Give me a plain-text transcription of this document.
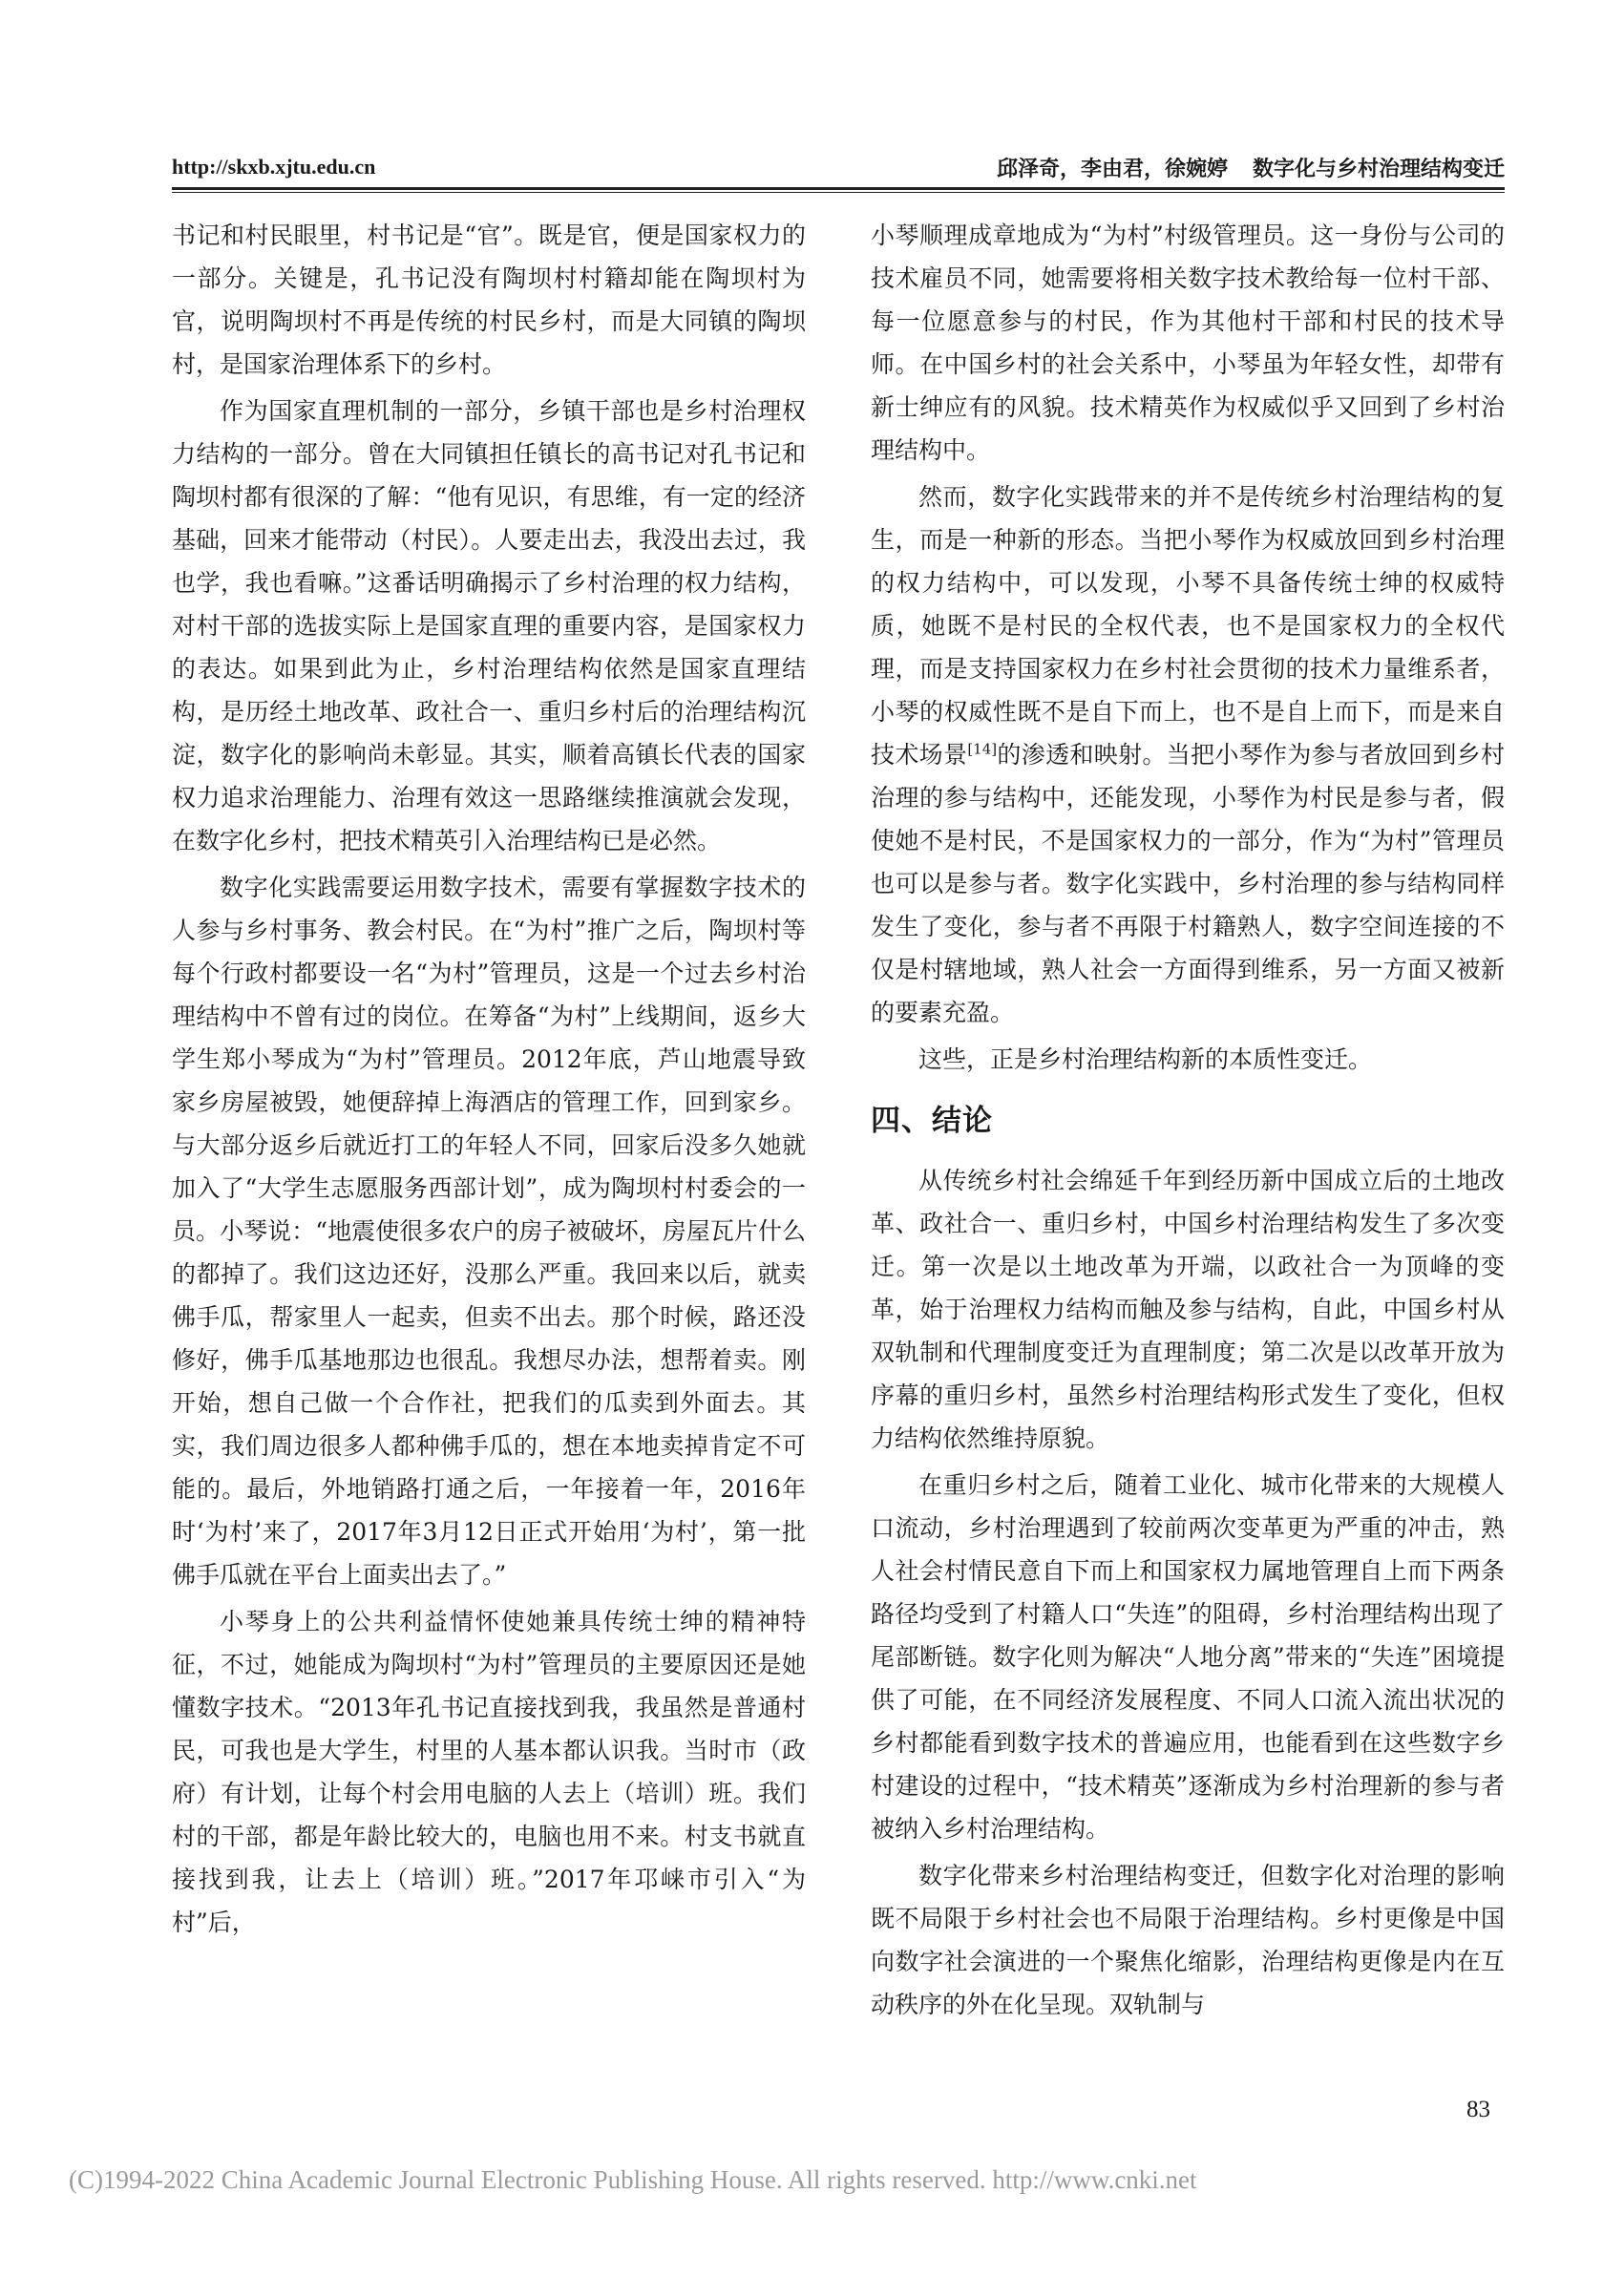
http://skxb.xjtu.edu.cn	邱泽奇，李由君，徐婉婷 数字化与乡村治理结构变迁

书记和村民眼里，村书记是“官”。既是官，便是国家权力的一部分。关键是，孔书记没有陶坝村村籍却能在陶坝村为官，说明陶坝村不再是传统的村民乡村，而是大同镇的陶坝村，是国家治理体系下的乡村。

作为国家直理机制的一部分，乡镇干部也是乡村治理权力结构的一部分。曾在大同镇担任镇长的高书记对孔书记和陶坝村都有很深的了解：“他有见识，有思维，有一定的经济基础，回来才能带动（村民）。人要走出去，我没出去过，我也学，我也看嘛。”这番话明确揭示了乡村治理的权力结构，对村干部的选拔实际上是国家直理的重要内容，是国家权力的表达。如果到此为止，乡村治理结构依然是国家直理结构，是历经土地改革、政社合一、重归乡村后的治理结构沉淀，数字化的影响尚未彰显。其实，顺着高镇长代表的国家权力追求治理能力、治理有效这一思路继续推演就会发现，在数字化乡村，把技术精英引入治理结构已是必然。

数字化实践需要运用数字技术，需要有掌握数字技术的人参与乡村事务、教会村民。在“为村”推广之后，陶坝村等每个行政村都要设一名“为村”管理员，这是一个过去乡村治理结构中不曾有过的岗位。在筹备“为村”上线期间，返乡大学生郑小琴成为“为村”管理员。2012年底，芦山地震导致家乡房屋被毁，她便辞掉上海酒店的管理工作，回到家乡。与大部分返乡后就近打工的年轻人不同，回家后没多久她就加入了“大学生志愿服务西部计划”，成为陶坝村村委会的一员。小琴说：“地震使很多农户的房子被破坏，房屋瓦片什么的都掉了。我们这边还好，没那么严重。我回来以后，就卖佛手瓜，帮家里人一起卖，但卖不出去。那个时候，路还没修好，佛手瓜基地那边也很乱。我想尽办法，想帮着卖。刚开始，想自己做一个合作社，把我们的瓜卖到外面去。其实，我们周边很多人都种佛手瓜的，想在本地卖掉肯定不可能的。最后，外地销路打通之后，一年接着一年，2016年时‘为村’来了，2017年3月12日正式开始用‘为村’，第一批佛手瓜就在平台上面卖出去了。”

小琴身上的公共利益情怀使她兼具传统士绅的精神特征，不过，她能成为陶坝村“为村”管理员的主要原因还是她懂数字技术。“2013年孔书记直接找到我，我虽然是普通村民，可我也是大学生，村里的人基本都认识我。当时市（政府）有计划，让每个村会用电脑的人去上（培训）班。我们村的干部，都是年龄比较大的，电脑也用不来。村支书就直接找到我，让去上（培训）班。”2017年邛崃市引入“为村”后，

小琴顺理成章地成为“为村”村级管理员。这一身份与公司的技术雇员不同，她需要将相关数字技术教给每一位村干部、每一位愿意参与的村民，作为其他村干部和村民的技术导师。在中国乡村的社会关系中，小琴虽为年轻女性，却带有新士绅应有的风貌。技术精英作为权威似乎又回到了乡村治理结构中。

然而，数字化实践带来的并不是传统乡村治理结构的复生，而是一种新的形态。当把小琴作为权威放回到乡村治理的权力结构中，可以发现，小琴不具备传统士绅的权威特质，她既不是村民的全权代表，也不是国家权力的全权代理，而是支持国家权力在乡村社会贯彻的技术力量维系者，小琴的权威性既不是自下而上，也不是自上而下，而是来自技术场景[14]的渗透和映射。当把小琴作为参与者放回到乡村治理的参与结构中，还能发现，小琴作为村民是参与者，假使她不是村民，不是国家权力的一部分，作为“为村”管理员也可以是参与者。数字化实践中，乡村治理的参与结构同样发生了变化，参与者不再限于村籍熟人，数字空间连接的不仅是村辖地域，熟人社会一方面得到维系，另一方面又被新的要素充盈。

这些，正是乡村治理结构新的本质性变迁。

四、结论

从传统乡村社会绵延千年到经历新中国成立后的土地改革、政社合一、重归乡村，中国乡村治理结构发生了多次变迁。第一次是以土地改革为开端，以政社合一为顶峰的变革，始于治理权力结构而触及参与结构，自此，中国乡村从双轨制和代理制度变迁为直理制度；第二次是以改革开放为序幕的重归乡村，虽然乡村治理结构形式发生了变化，但权力结构依然维持原貌。

在重归乡村之后，随着工业化、城市化带来的大规模人口流动，乡村治理遇到了较前两次变革更为严重的冲击，熟人社会村情民意自下而上和国家权力属地管理自上而下两条路径均受到了村籍人口“失连”的阻碍，乡村治理结构出现了尾部断链。数字化则为解决“人地分离”带来的“失连”困境提供了可能，在不同经济发展程度、不同人口流入流出状况的乡村都能看到数字技术的普遍应用，也能看到在这些数字乡村建设的过程中，“技术精英”逐渐成为乡村治理新的参与者被纳入乡村治理结构。

数字化带来乡村治理结构变迁，但数字化对治理的影响既不局限于乡村社会也不局限于治理结构。乡村更像是中国向数字社会演进的一个聚焦化缩影，治理结构更像是内在互动秩序的外在化呈现。双轨制与

83
(C)1994-2022 China Academic Journal Electronic Publishing House. All rights reserved. http://www.cnki.net
